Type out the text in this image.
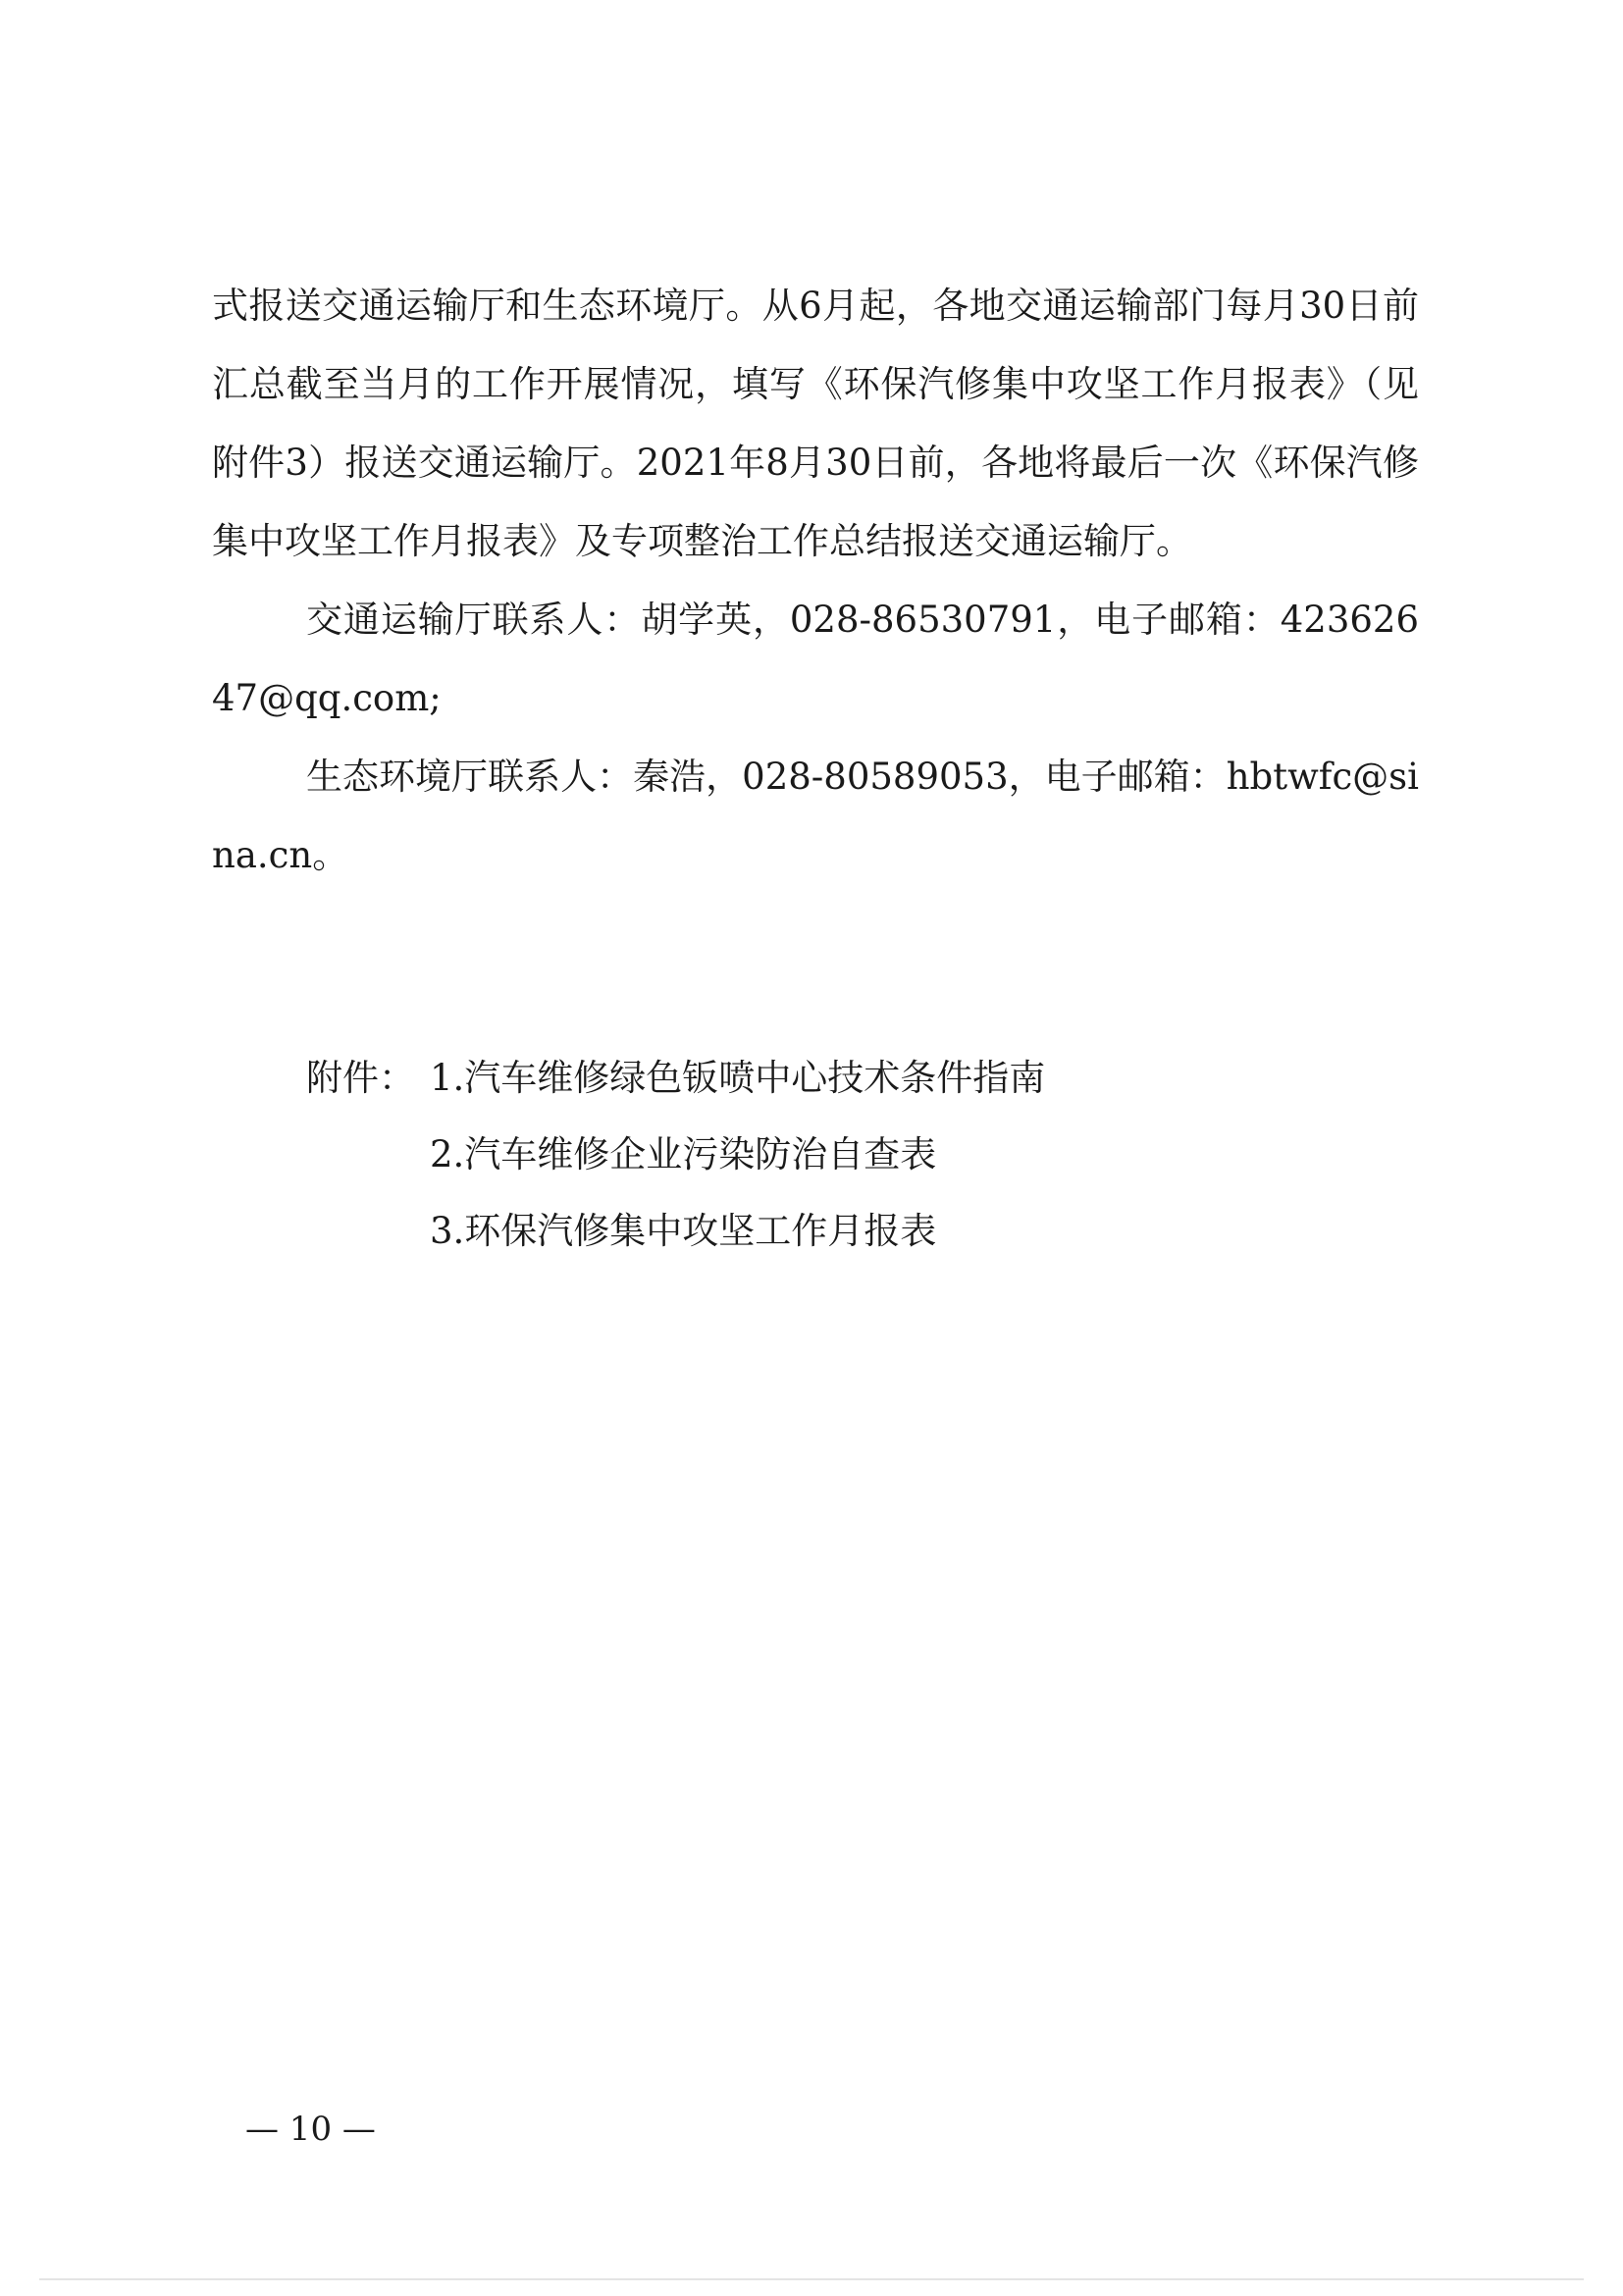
式报送交通运输厅和生态环境厅。从6月起，各地交通运输部门每月30日前汇总截至当月的工作开展情况，填写《环保汽修集中攻坚工作月报表》（见附件3）报送交通运输厅。2021年8月30日前，各地将最后一次《环保汽修集中攻坚工作月报表》及专项整治工作总结报送交通运输厅。

交通运输厅联系人：胡学英，028-86530791，电子邮箱：42362647@qq.com;

生态环境厅联系人：秦浩，028-80589053，电子邮箱：hbtwfc@sina.cn。

附件： 1.汽车维修绿色钣喷中心技术条件指南
2.汽车维修企业污染防治自查表
3.环保汽修集中攻坚工作月报表
— 10 —
